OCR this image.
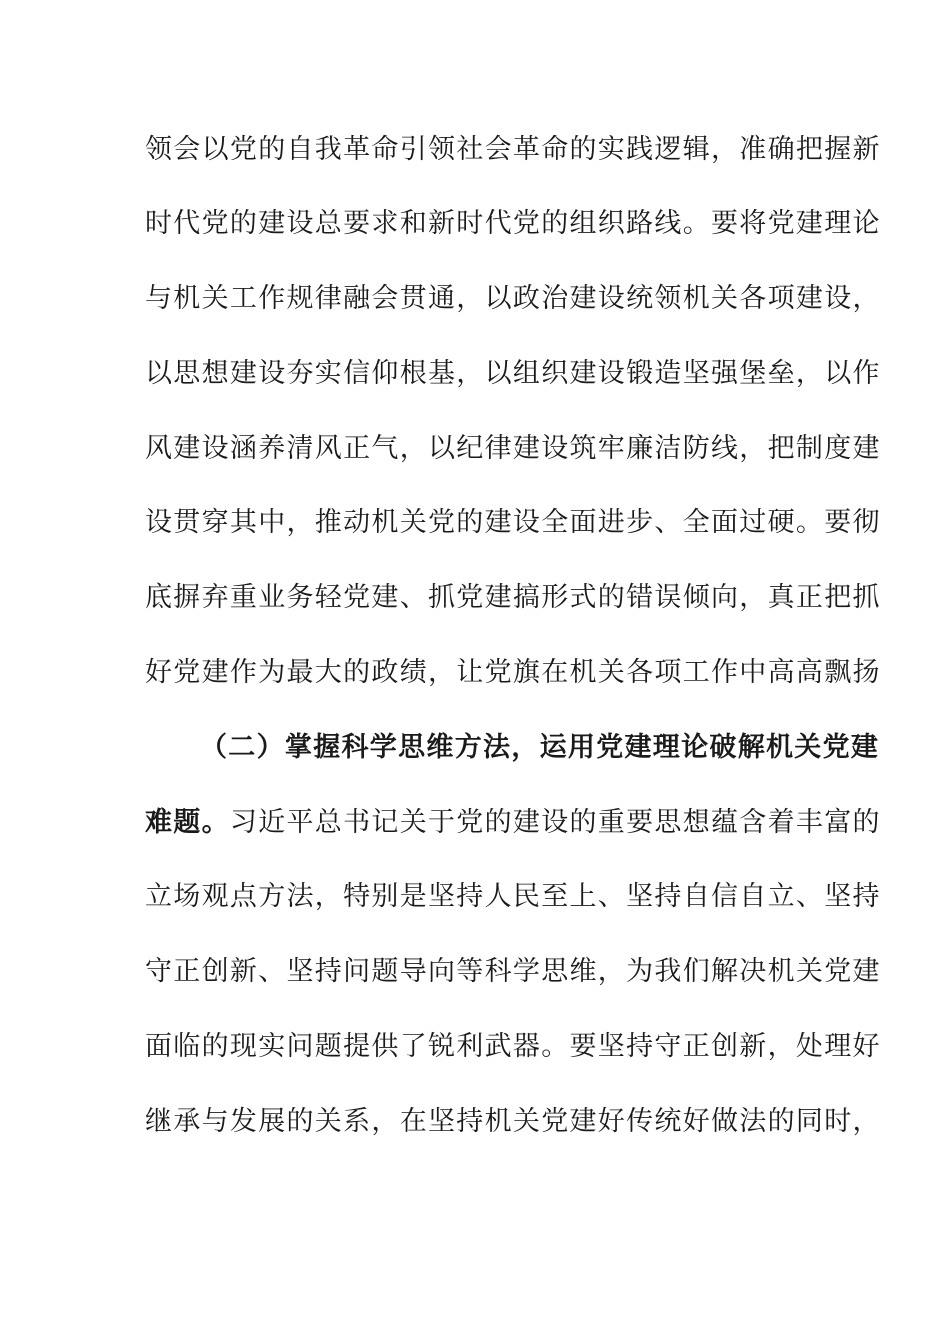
领会以党的自我革命引领社会革命的实践逻辑，准确把握新
时代党的建设总要求和新时代党的组织路线。要将党建理论
与机关工作规律融会贯通，以政治建设统领机关各项建设，
以思想建设夯实信仰根基，以组织建设锻造坚强堡垒，以作
风建设涵养清风正气，以纪律建设筑牢廉洁防线，把制度建
设贯穿其中，推动机关党的建设全面进步、全面过硬。要彻
底摒弃重业务轻党建、抓党建搞形式的错误倾向，真正把抓
好党建作为最大的政绩，让党旗在机关各项工作中高高飘扬
（二）掌握科学思维方法，运用党建理论破解机关党建
难题。习近平总书记关于党的建设的重要思想蕴含着丰富的
立场观点方法，特别是坚持人民至上、坚持自信自立、坚持
守正创新、坚持问题导向等科学思维，为我们解决机关党建
面临的现实问题提供了锐利武器。要坚持守正创新，处理好
继承与发展的关系，在坚持机关党建好传统好做法的同时，
